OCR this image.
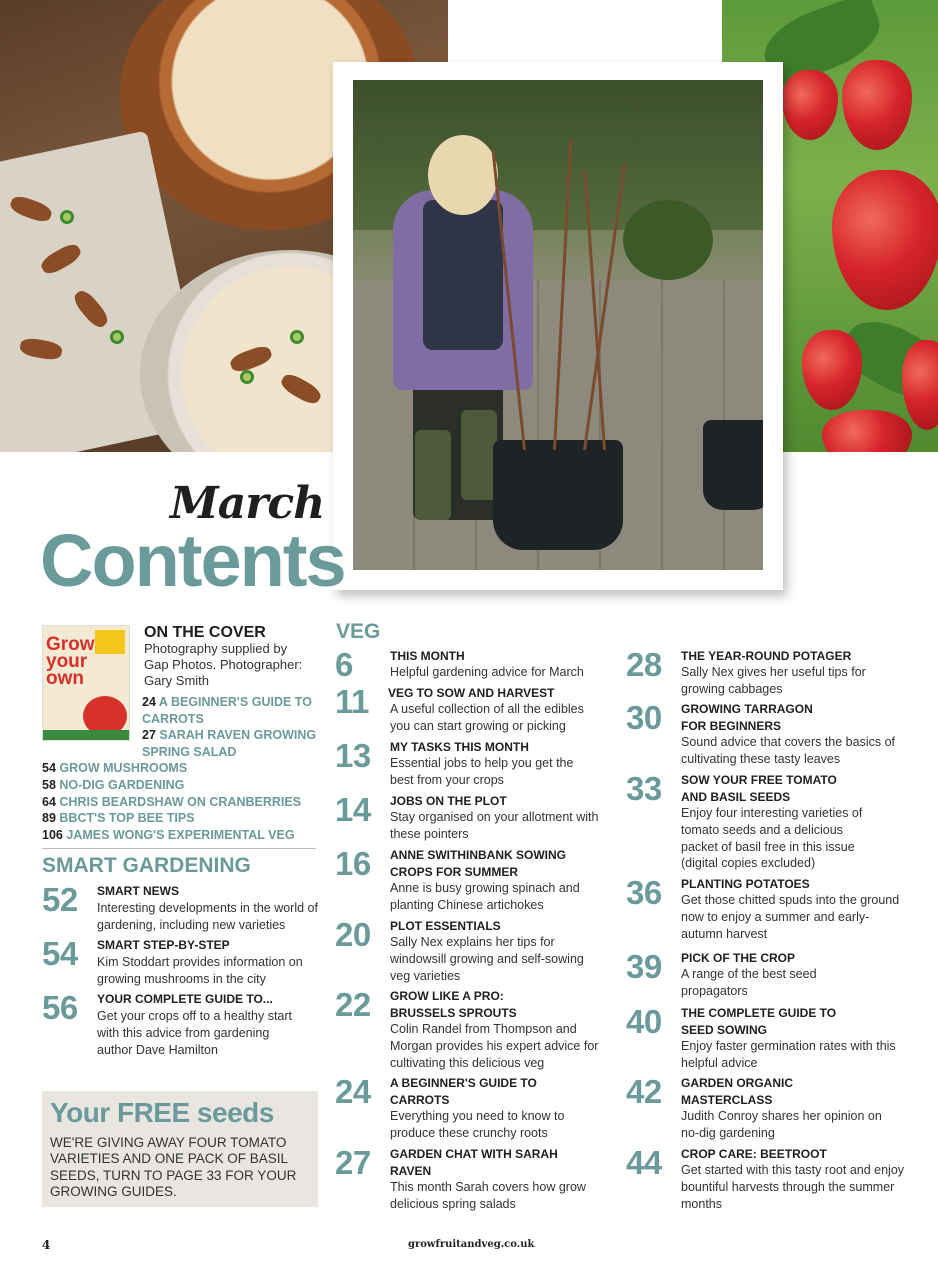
March
Contents
Grow your own
ON THE COVER
Photography supplied by Gap Photos. Photographer: Gary Smith
24 A BEGINNER'S GUIDE TO CARROTS
27 SARAH RAVEN GROWING SPRING SALAD
54 GROW MUSHROOMS
58 NO-DIG GARDENING
64 CHRIS BEARDSHAW ON CRANBERRIES
89 BBCT'S TOP BEE TIPS
106 JAMES WONG'S EXPERIMENTAL VEG
SMART GARDENING
52 SMART NEWS
Interesting developments in the world of gardening, including new varieties
54 SMART STEP-BY-STEP
Kim Stoddart provides information on growing mushrooms in the city
56 YOUR COMPLETE GUIDE TO...
Get your crops off to a healthy start with this advice from gardening author Dave Hamilton
Your FREE seeds
WE'RE GIVING AWAY FOUR TOMATO VARIETIES AND ONE PACK OF BASIL SEEDS, TURN TO PAGE 33 FOR YOUR GROWING GUIDES.
VEG
6	THIS MONTH
Helpful gardening advice for March
11 VEG TO SOW AND HARVEST
A useful collection of all the edibles you can start growing or picking
13 MY TASKS THIS MONTH
Essential jobs to help you get the best from your crops
14 JOBS ON THE PLOT
Stay organised on your allotment with these pointers
16 ANNE SWITHINBANK SOWING CROPS FOR SUMMER
Anne is busy growing spinach and planting Chinese artichokes
20 PLOT ESSENTIALS
Sally Nex explains her tips for windowsill growing and self-sowing veg varieties
22 GROW LIKE A PRO: BRUSSELS SPROUTS
Colin Randel from Thompson and Morgan provides his expert advice for cultivating this delicious veg
24 A BEGINNER'S GUIDE TO CARROTS
Everything you need to know to produce these crunchy roots
27 GARDEN CHAT WITH SARAH RAVEN
This month Sarah covers how grow delicious spring salads
28 THE YEAR-ROUND POTAGER
Sally Nex gives her useful tips for growing cabbages
30 GROWING TARRAGON FOR BEGINNERS
Sound advice that covers the basics of cultivating these tasty leaves
33 SOW YOUR FREE TOMATO AND BASIL SEEDS
Enjoy four interesting varieties of tomato seeds and a delicious packet of basil free in this issue (digital copies excluded)
36 PLANTING POTATOES
Get those chitted spuds into the ground now to enjoy a summer and early-autumn harvest
39 PICK OF THE CROP
A range of the best seed propagators
40 THE COMPLETE GUIDE TO SEED SOWING
Enjoy faster germination rates with this helpful advice
42 GARDEN ORGANIC MASTERCLASS
Judith Conroy shares her opinion on no-dig gardening
44 CROP CARE: BEETROOT
Get started with this tasty root and enjoy bountiful harvests through the summer months
4	growfruitandveg.co.uk
